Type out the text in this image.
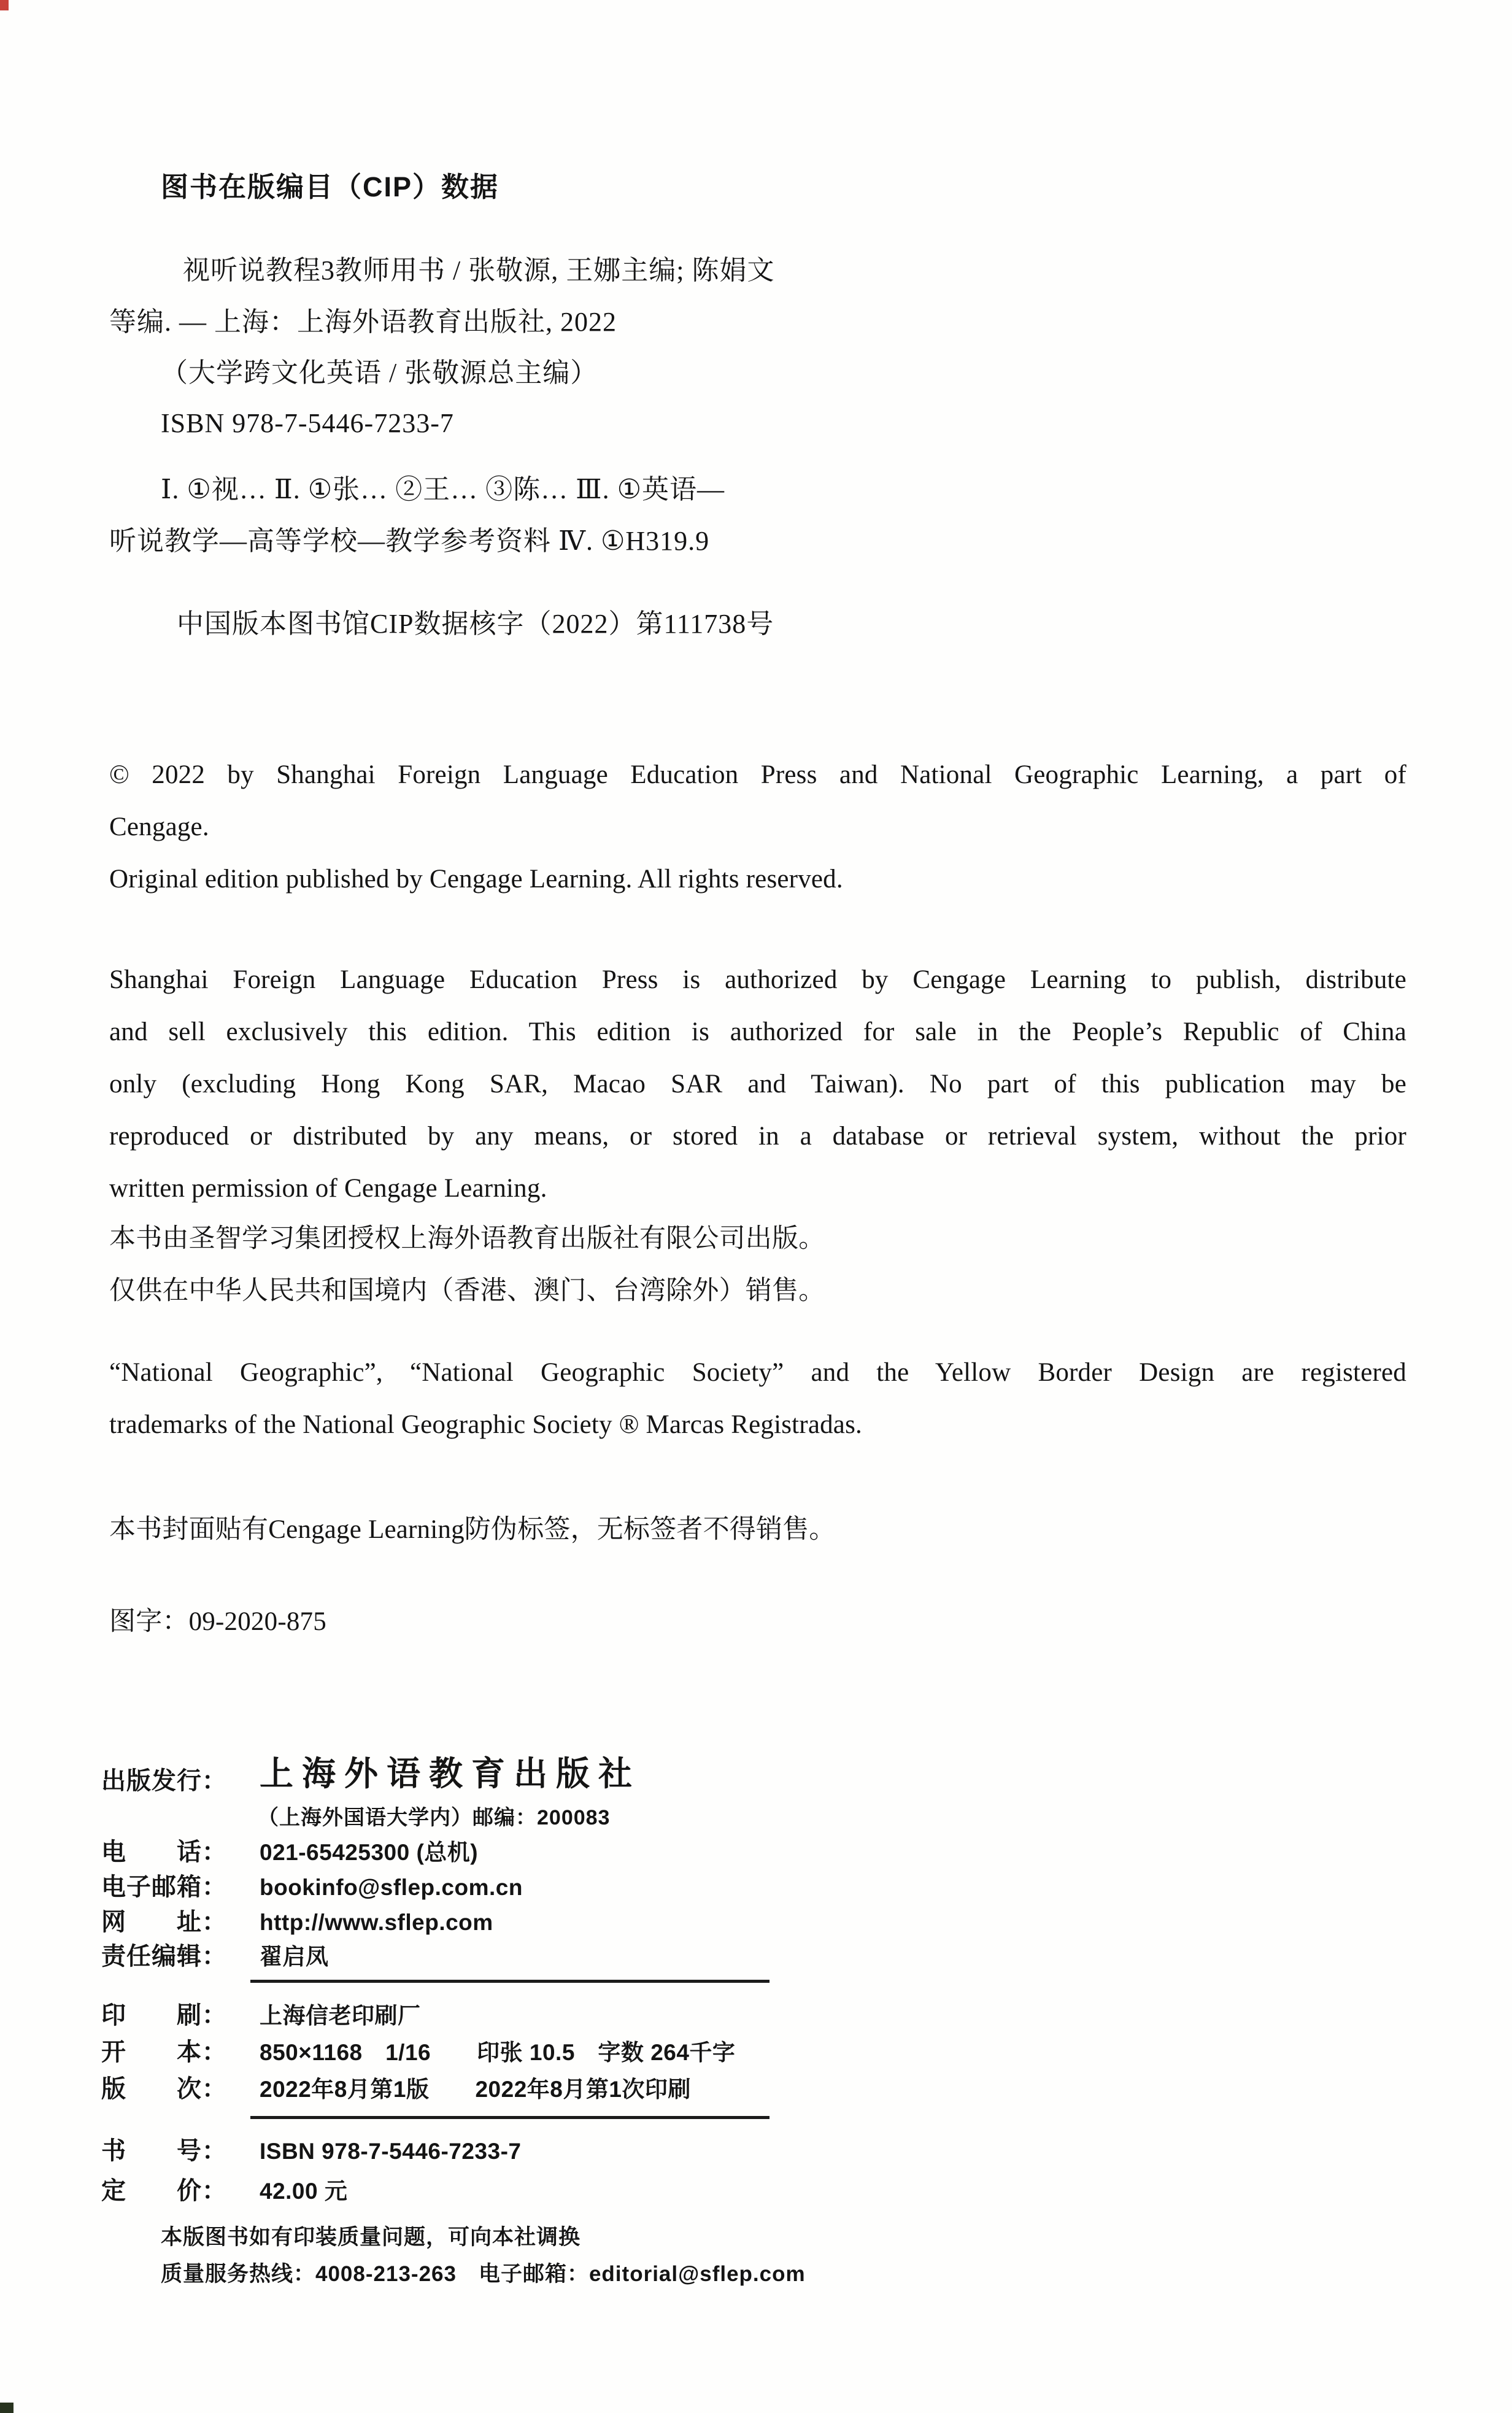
图书在版编目（CIP）数据
视听说教程3教师用书 / 张敬源, 王娜主编; 陈娟文
等编. — 上海：上海外语教育出版社, 2022
（大学跨文化英语 / 张敬源总主编）
ISBN 978-7-5446-7233-7
Ⅰ. ①视… Ⅱ. ①张… ②王… ③陈… Ⅲ. ①英语—
听说教学—高等学校—教学参考资料 Ⅳ. ①H319.9
中国版本图书馆CIP数据核字（2022）第111738号
© 2022 by Shanghai Foreign Language Education Press and National Geographic Learning, a part of
Cengage.
Original edition published by Cengage Learning. All rights reserved.
Shanghai Foreign Language Education Press is authorized by Cengage Learning to publish, distribute
and sell exclusively this edition. This edition is authorized for sale in the People’s Republic of China
only (excluding Hong Kong SAR, Macao SAR and Taiwan). No part of this publication may be
reproduced or distributed by any means, or stored in a database or retrieval system, without the prior
written permission of Cengage Learning.
本书由圣智学习集团授权上海外语教育出版社有限公司出版。
仅供在中华人民共和国境内（香港、澳门、台湾除外）销售。
“National Geographic”, “National Geographic Society” and the Yellow Border Design are registered
trademarks of the National Geographic Society ® Marcas Registradas.
本书封面贴有Cengage Learning防伪标签，无标签者不得销售。
图字：09-2020-875
出版发行： 上海外语教育出版社
（上海外国语大学内）邮编：200083
电　　话： 021-65425300 (总机)
电子邮箱： bookinfo@sflep.com.cn
网　　址： http://www.sflep.com
责任编辑： 翟启凤
印　　刷： 上海信老印刷厂
开　　本： 850×1168　1/16　　印张 10.5　字数 264千字
版　　次： 2022年8月第1版　　2022年8月第1次印刷
书　　号： ISBN 978-7-5446-7233-7
定　　价： 42.00 元
本版图书如有印装质量问题，可向本社调换
质量服务热线：4008-213-263　电子邮箱：editorial@sflep.com
